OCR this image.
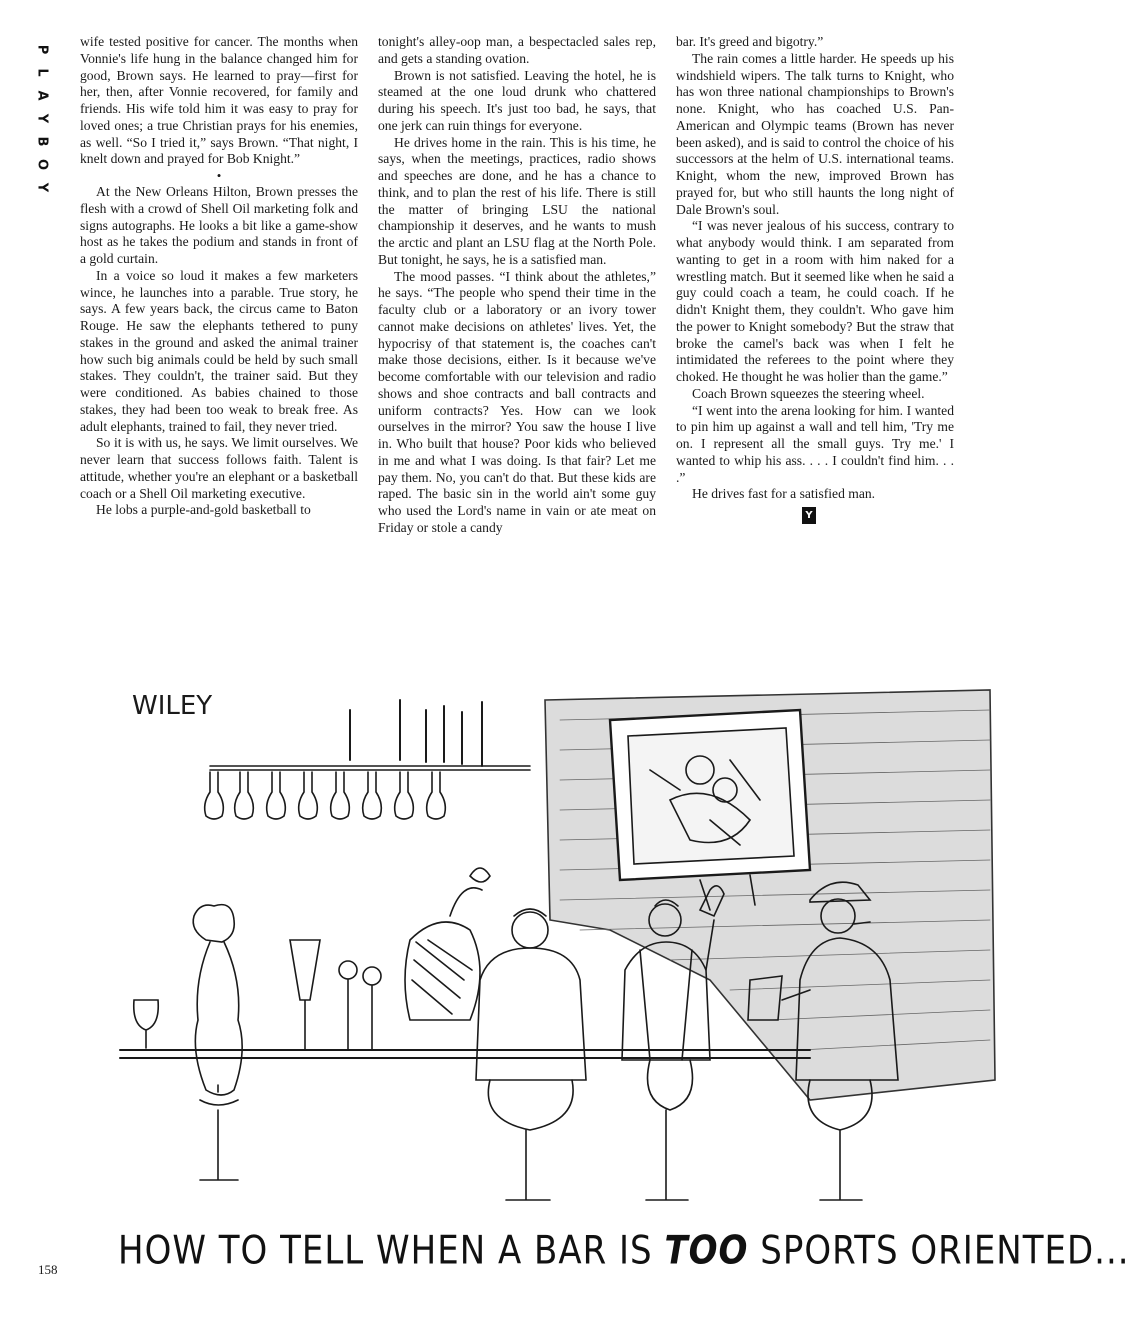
P
L
A
Y
B
O
Y

wife tested positive for cancer. The months when Vonnie's life hung in the balance changed him for good, Brown says. He learned to pray—first for her, then, after Vonnie recovered, for family and friends. His wife told him it was easy to pray for loved ones; a true Christian prays for his enemies, as well. “So I tried it,” says Brown. “That night, I knelt down and prayed for Bob Knight.”

•

At the New Orleans Hilton, Brown presses the flesh with a crowd of Shell Oil marketing folk and signs autographs. He looks a bit like a game-show host as he takes the podium and stands in front of a gold curtain.

In a voice so loud it makes a few marketers wince, he launches into a parable. True story, he says. A few years back, the circus came to Baton Rouge. He saw the elephants tethered to puny stakes in the ground and asked the animal trainer how such big animals could be held by such small stakes. They couldn't, the trainer said. But they were conditioned. As babies chained to those stakes, they had been too weak to break free. As adult elephants, trained to fail, they never tried.

So it is with us, he says. We limit ourselves. We never learn that success follows faith. Talent is attitude, whether you're an elephant or a basketball coach or a Shell Oil marketing executive.

He lobs a purple-and-gold basketball to

tonight's alley-oop man, a bespectacled sales rep, and gets a standing ovation.

Brown is not satisfied. Leaving the hotel, he is steamed at the one loud drunk who chattered during his speech. It's just too bad, he says, that one jerk can ruin things for everyone.

He drives home in the rain. This is his time, he says, when the meetings, practices, radio shows and speeches are done, and he has a chance to think, and to plan the rest of his life. There is still the matter of bringing LSU the national championship it deserves, and he wants to mush the arctic and plant an LSU flag at the North Pole. But tonight, he says, he is a satisfied man.

The mood passes. “I think about the athletes,” he says. “The people who spend their time in the faculty club or a laboratory or an ivory tower cannot make decisions on athletes' lives. Yet, the hypocrisy of that statement is, the coaches can't make those decisions, either. Is it because we've become comfortable with our television and radio shows and shoe contracts and ball contracts and uniform contracts? Yes. How can we look ourselves in the mirror? You saw the house I live in. Who built that house? Poor kids who believed in me and what I was doing. Is that fair? Let me pay them. No, you can't do that. But these kids are raped. The basic sin in the world ain't some guy who used the Lord's name in vain or ate meat on Friday or stole a candy

bar. It's greed and bigotry.”

The rain comes a little harder. He speeds up his windshield wipers. The talk turns to Knight, who has won three national championships to Brown's none. Knight, who has coached U.S. Pan-American and Olympic teams (Brown has never been asked), and is said to control the choice of his successors at the helm of U.S. international teams. Knight, whom the new, improved Brown has prayed for, but who still haunts the long night of Dale Brown's soul.

“I was never jealous of his success, contrary to what anybody would think. I am separated from wanting to get in a room with him naked for a wrestling match. But it seemed like when he said a guy could coach a team, he could coach. If he didn't Knight them, they couldn't. Who gave him the power to Knight somebody? But the straw that broke the camel's back was when I felt he intimidated the referees to the point where they choked. He thought he was holier than the game.”

Coach Brown squeezes the steering wheel.

“I went into the arena looking for him. I wanted to pin him up against a wall and tell him, 'Try me on. I represent all the small guys. Try me.' I wanted to whip his ass. . . . I couldn't find him. . . .”

He drives fast for a satisfied man.

Y
WILEY
HOW TO TELL WHEN A BAR IS TOO SPORTS ORIENTED...
158
